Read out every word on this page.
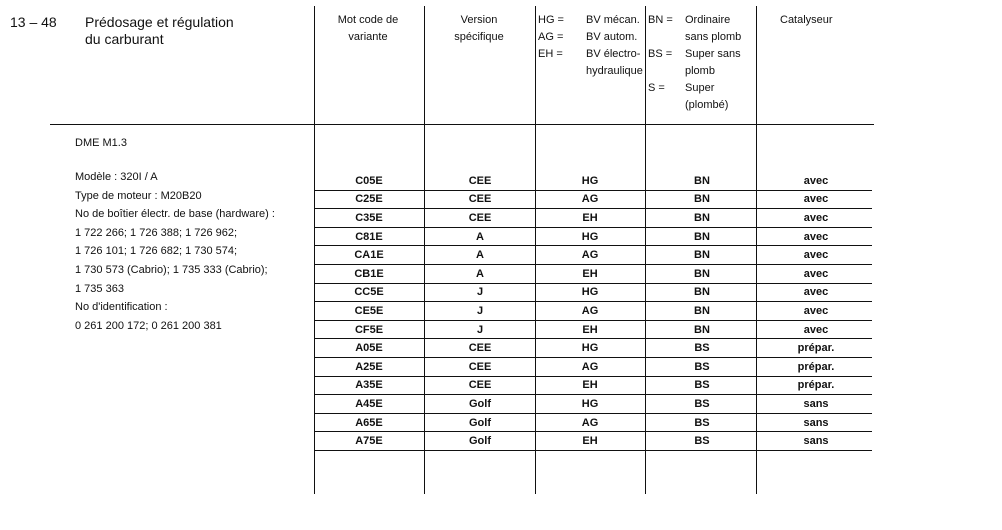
13 – 48 Prédosage et régulation
du carburant
Mot code de
variante
Version
spécifique
HG =	BV mécan.
AG =	BV autom.
EH =	BV électro-
hydraulique
BN =	Ordinaire
sans plomb
BS =	Super sans
plomb
S =	Super
(plombé)
Catalyseur
DME M1.3
Modèle : 320I / A
Type de moteur : M20B20
No de boîtier électr. de base (hardware) :
1 722 266; 1 726 388; 1 726 962;
1 726 101; 1 726 682; 1 730 574;
1 730 573 (Cabrio); 1 735 333 (Cabrio);
1 735 363
No d'identification :
0 261 200 172; 0 261 200 381
C05E	CEE	HG	BN	avec
C25E	CEE	AG	BN	avec
C35E	CEE	EH	BN	avec
C81E	A	HG	BN	avec
CA1E	A	AG	BN	avec
CB1E	A	EH	BN	avec
CC5E	J	HG	BN	avec
CE5E	J	AG	BN	avec
CF5E	J	EH	BN	avec
A05E	CEE	HG	BS	prépar.
A25E	CEE	AG	BS	prépar.
A35E	CEE	EH	BS	prépar.
A45E	Golf	HG	BS	sans
A65E	Golf	AG	BS	sans
A75E	Golf	EH	BS	sans
